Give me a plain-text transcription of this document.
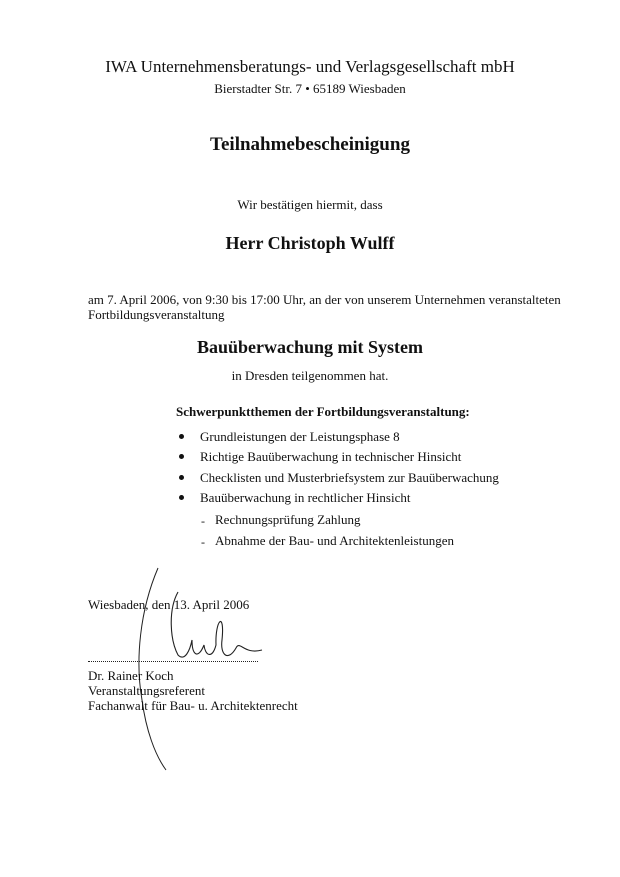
IWA Unternehmensberatungs- und Verlagsgesellschaft mbH
Bierstadter Str. 7 • 65189 Wiesbaden
Teilnahmebescheinigung
Wir bestätigen hiermit, dass
Herr Christoph Wulff
am 7. April 2006, von 9:30 bis 17:00 Uhr, an der von unserem Unternehmen veranstalteten
Fortbildungsveranstaltung
Bauüberwachung mit System
in Dresden teilgenommen hat.
Schwerpunktthemen der Fortbildungsveranstaltung:
Grundleistungen der Leistungsphase 8
Richtige Bauüberwachung in technischer Hinsicht
Checklisten und Musterbriefsystem zur Bauüberwachung
Bauüberwachung in rechtlicher Hinsicht
- Rechnungsprüfung Zahlung
- Abnahme der Bau- und Architektenleistungen
Wiesbaden, den 13. April 2006
Dr. Rainer Koch
Veranstaltungsreferent
Fachanwalt für Bau- u. Architektenrecht
